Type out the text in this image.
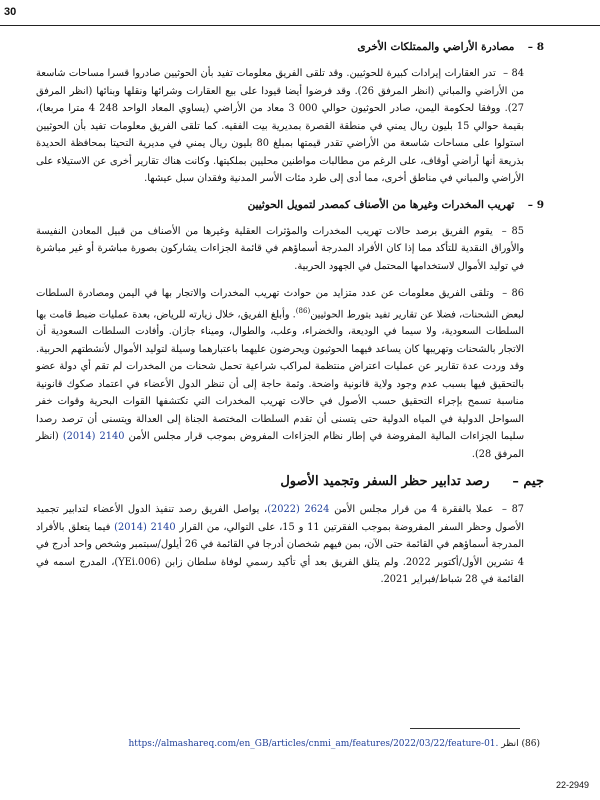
30
8 – مصادرة الأراضي والممتلكات الأخرى

84 – تدر العقارات إيرادات كبيرة للحوثيين. وقد تلقى الفريق معلومات تفيد بأن الحوثيين صادروا قسرا مساحات شاسعة من الأراضي والمباني (انظر المرفق 26). وقد فرضوا أيضا قيودا على بيع العقارات وشرائها ونقلها وبنائها (انظر المرفق 27). ووفقا لحكومة اليمن، صادر الحوثيون حوالي 000 3 معاد من الأراضي (يساوي المعاد الواحد 248 4 مترا مربعا)، بقيمة حوالي 15 بليون ريال يمني في منطقة القصرة بمديرية بيت الفقيه. كما تلقى الفريق معلومات تفيد بأن الحوثيين استولوا على مساحات شاسعة من الأراضي تقدر قيمتها بمبلغ 80 بليون ريال يمني في مديرية التحيتا بمحافظة الحديدة بذريعة أنها أراضي أوقاف، على الرغم من مطالبات مواطنين محليين بملكيتها. وكانت هناك تقارير أخرى عن الاستيلاء على الأراضي والمباني في مناطق أخرى، مما أدى إلى طرد مئات الأسر المدنية وفقدان سبل عيشها.

9 – تهريب المخدرات وغيرها من الأصناف كمصدر لتمويل الحوثيين

85 – يقوم الفريق برصد حالات تهريب المخدرات والمؤثرات العقلية وغيرها من الأصناف من قبيل المعادن النفيسة والأوراق النقدية للتأكد مما إذا كان الأفراد المدرجة أسماؤهم في قائمة الجزاءات يشاركون بصورة مباشرة أو غير مباشرة في توليد الأموال لاستخدامها المحتمل في الجهود الحربية.

86 – وتلقى الفريق معلومات عن عدد متزايد من حوادث تهريب المخدرات والاتجار بها في اليمن ومصادرة السلطات لبعض الشحنات، فضلا عن تقارير تفيد بتورط الحوثيين$^{(86)}$. وأبلغ الفريق، خلال زيارته للرياض، بعدة عمليات ضبط قامت بها السلطات السعودية، ولا سيما في الوديعة، والخضراء، وعلب، والطوال، وميناء جازان. وأفادت السلطات السعودية أن الاتجار بالشحنات وتهريبها كان يساعد فيهما الحوثيون ويحرضون عليهما باعتبارهما وسيلة لتوليد الأموال لأنشطتهم الحربية. وقد وردت عدة تقارير عن عمليات اعتراض منتظمة لمراكب شراعية تحمل شحنات من المخدرات لم تقم أي دولة عضو بالتحقيق فيها بسبب عدم وجود ولاية قانونية واضحة. وثمة حاجة إلى أن تنظر الدول الأعضاء في اعتماد صكوك قانونية مناسبة تسمح بإجراء التحقيق حسب الأصول في حالات تهريب المخدرات التي تكتشفها القوات البحرية وقوات خفر السواحل الدولية في المياه الدولية حتى يتسنى أن تقدم السلطات المختصة الجناة إلى العدالة ويتسنى أن ترصد رصدا سليما الجزاءات المالية المفروضة في إطار نظام الجزاءات المفروض بموجب قرار مجلس الأمن 2140 (2014) (انظر المرفق 28).

جيم – رصد تدابير حظر السفر وتجميد الأصول

87 – عملا بالفقرة 4 من قرار مجلس الأمن 2624 (2022)، يواصل الفريق رصد تنفيذ الدول الأعضاء لتدابير تجميد الأصول وحظر السفر المفروضة بموجب الفقرتين 11 و 15، على التوالي، من القرار 2140 (2014) فيما يتعلق بالأفراد المدرجة أسماؤهم في القائمة حتى الآن، بمن فيهم شخصان أدرجا في القائمة في 26 أيلول/سبتمبر وشخص واحد أدرج في 4 تشرين الأول/أكتوبر 2022. ولم يتلق الفريق بعد أي تأكيد رسمي لوفاة سلطان زابن (YEi.006)، المدرج اسمه في القائمة في 28 شباط/فبراير 2021.

(86) انظر https://almashareq.com/en_GB/articles/cnmi_am/features/2022/03/22/feature-01.
22-2949
